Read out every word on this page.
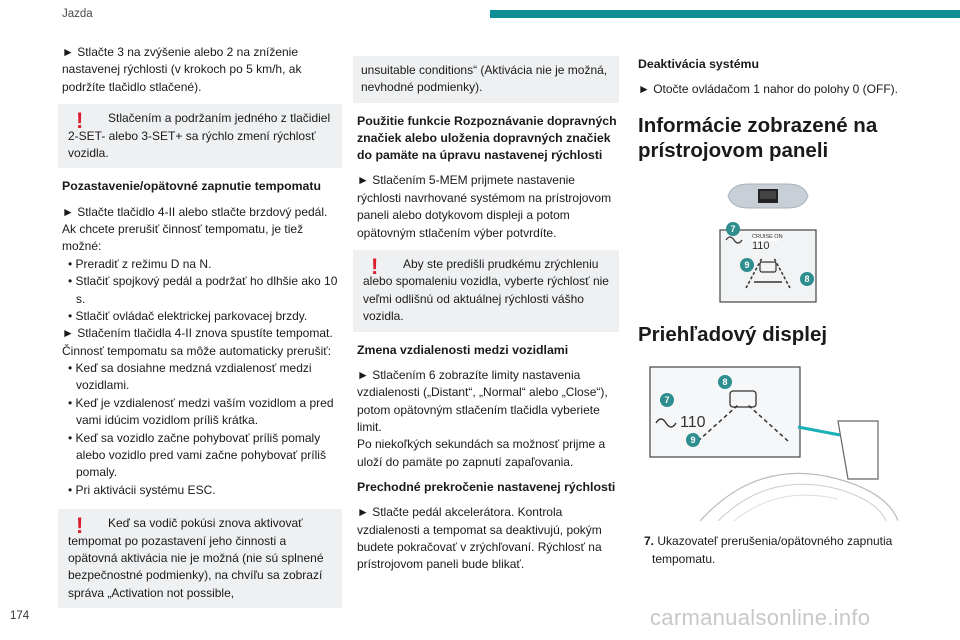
Jazda

► Stlačte 3 na zvýšenie alebo 2 na zníženie nastavenej rýchlosti (v krokoch po 5 km/h, ak podržíte tlačidlo stlačené).

!	Stlačením a podržaním jedného z tlačidiel 2-SET- alebo 3-SET+ sa rýchlo zmení rýchlosť vozidla.
Pozastavenie/opätovné zapnutie tempomatu

► Stlačte tlačidlo 4-II alebo stlačte brzdový pedál. Ak chcete prerušiť činnosť tempomatu, je tiež možné:

• Preradiť z režimu D na N.
• Stlačiť spojkový pedál a podržať ho dlhšie ako 10 s.
• Stlačiť ovládač elektrickej parkovacej brzdy.

► Stlačením tlačidla 4-II znova spustíte tempomat. Činnosť tempomatu sa môže automaticky prerušiť:

• Keď sa dosiahne medzná vzdialenosť medzi vozidlami.
• Keď je vzdialenosť medzi vaším vozidlom a pred vami idúcim vozidlom príliš krátka.
• Keď sa vozidlo začne pohybovať príliš pomaly alebo vozidlo pred vami začne pohybovať príliš pomaly.
• Pri aktivácii systému ESC.
!	Keď sa vodič pokúsi znova aktivovať tempomat po pozastavení jeho činnosti a opätovná aktivácia nie je možná (nie sú splnené bezpečnostné podmienky), na chvíľu sa zobrazí správa „Activation not possible,
unsuitable conditions“ (Aktivácia nie je možná, nevhodné podmienky).
Použitie funkcie Rozpoznávanie dopravných značiek alebo uloženia dopravných značiek do pamäte na úpravu nastavenej rýchlosti

► Stlačením 5-MEM prijmete nastavenie rýchlosti navrhované systémom na prístrojovom paneli alebo dotykovom displeji a potom opätovným stlačením výber potvrdíte.

!	Aby ste predišli prudkému zrýchleniu alebo spomaleniu vozidla, vyberte rýchlosť nie veľmi odlišnú od aktuálnej rýchlosti vášho vozidla.
Zmena vzdialenosti medzi vozidlami

► Stlačením 6 zobrazíte limity nastavenia vzdialenosti („Distant“, „Normal“ alebo „Close“), potom opätovným stlačením tlačidla vyberiete limit.

Po niekoľkých sekundách sa možnosť prijme a uloží do pamäte po zapnutí zapaľovania.

Prechodné prekročenie nastavenej rýchlosti

► Stlačte pedál akcelerátora. Kontrola vzdialenosti a tempomat sa deaktivujú, pokým budete pokračovať v zrýchľovaní. Rýchlosť na prístrojovom paneli bude blikať.

Deaktivácia systému

► Otočte ovládačom 1 nahor do polohy 0 (OFF).

Informácie zobrazené na prístrojovom paneli
CRUISE ON
110
7
9
8
Priehľadový displej
110
8
7
9
7. Ukazovateľ prerušenia/opätovného zapnutia tempomatu.
174	carmanualsonline.info
